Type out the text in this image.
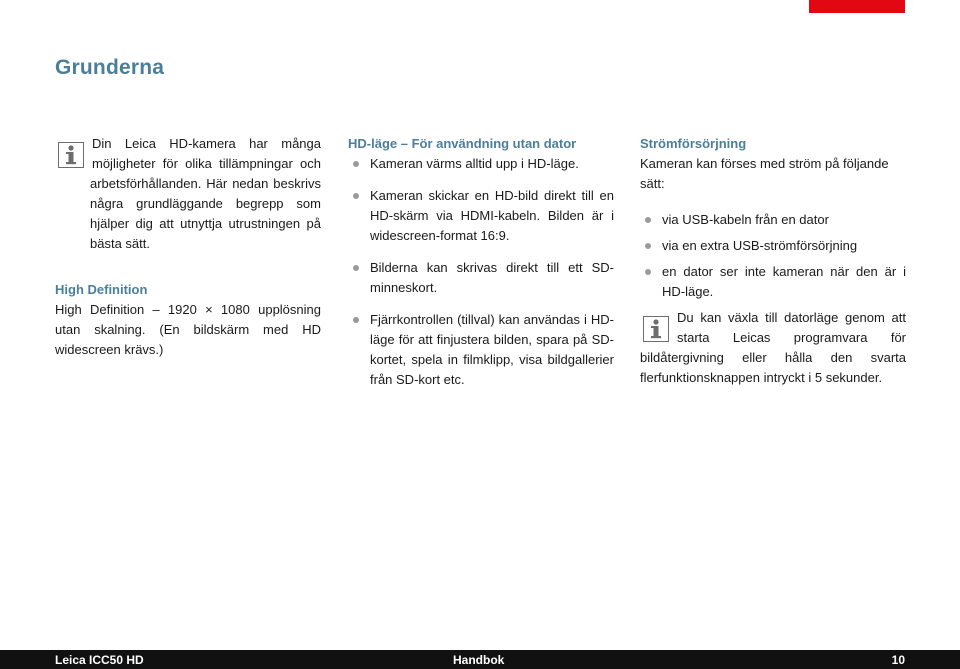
Grunderna

Din Leica HD-kamera har många möjligheter för olika tillämpningar och arbetsförhållanden. Här nedan beskrivs några grundläggande begrepp som hjälper dig att utnyttja utrustningen på bästa sätt.

High Definition

High Definition – 1920 × 1080 upplösning utan skalning. (En bildskärm med HD widescreen krävs.)

HD-läge – För användning utan dator

Kameran värms alltid upp i HD-läge.
Kameran skickar en HD-bild direkt till en HD-skärm via HDMI-kabeln. Bilden är i widescreen-format 16:9.
Bilderna kan skrivas direkt till ett SD-minneskort.
Fjärrkontrollen (tillval) kan användas i HD-läge för att finjustera bilden, spara på SD-kortet, spela in filmklipp, visa bildgallerier från SD-kort etc.

Strömförsörjning

Kameran kan förses med ström på följande sätt:

via USB-kabeln från en dator
via en extra USB-strömförsörjning
en dator ser inte kameran när den är i HD-läge.

Du kan växla till datorläge genom att starta Leicas programvara för bildåtergivning eller hålla den svarta flerfunktionsknappen intryckt i 5 sekunder.

Leica ICC50 HD	Handbok	10
